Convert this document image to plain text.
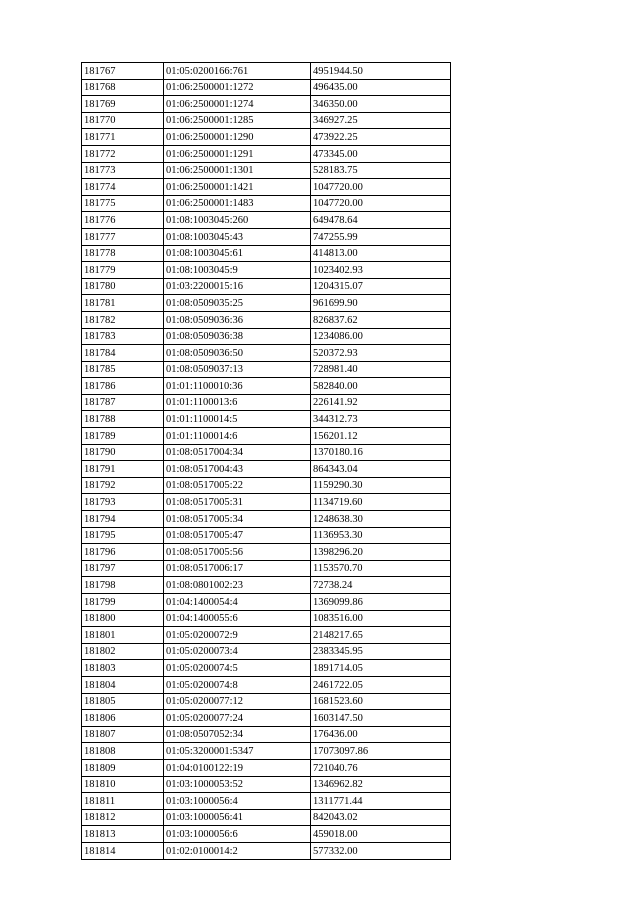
181767	01:05:0200166:761	4951944.50
181768	01:06:2500001:1272	496435.00
181769	01:06:2500001:1274	346350.00
181770	01:06:2500001:1285	346927.25
181771	01:06:2500001:1290	473922.25
181772	01:06:2500001:1291	473345.00
181773	01:06:2500001:1301	528183.75
181774	01:06:2500001:1421	1047720.00
181775	01:06:2500001:1483	1047720.00
181776	01:08:1003045:260	649478.64
181777	01:08:1003045:43	747255.99
181778	01:08:1003045:61	414813.00
181779	01:08:1003045:9	1023402.93
181780	01:03:2200015:16	1204315.07
181781	01:08:0509035:25	961699.90
181782	01:08:0509036:36	826837.62
181783	01:08:0509036:38	1234086.00
181784	01:08:0509036:50	520372.93
181785	01:08:0509037:13	728981.40
181786	01:01:1100010:36	582840.00
181787	01:01:1100013:6	226141.92
181788	01:01:1100014:5	344312.73
181789	01:01:1100014:6	156201.12
181790	01:08:0517004:34	1370180.16
181791	01:08:0517004:43	864343.04
181792	01:08:0517005:22	1159290.30
181793	01:08:0517005:31	1134719.60
181794	01:08:0517005:34	1248638.30
181795	01:08:0517005:47	1136953.30
181796	01:08:0517005:56	1398296.20
181797	01:08:0517006:17	1153570.70
181798	01:08:0801002:23	72738.24
181799	01:04:1400054:4	1369099.86
181800	01:04:1400055:6	1083516.00
181801	01:05:0200072:9	2148217.65
181802	01:05:0200073:4	2383345.95
181803	01:05:0200074:5	1891714.05
181804	01:05:0200074:8	2461722.05
181805	01:05:0200077:12	1681523.60
181806	01:05:0200077:24	1603147.50
181807	01:08:0507052:34	176436.00
181808	01:05:3200001:5347	17073097.86
181809	01:04:0100122:19	721040.76
181810	01:03:1000053:52	1346962.82
181811	01:03:1000056:4	1311771.44
181812	01:03:1000056:41	842043.02
181813	01:03:1000056:6	459018.00
181814	01:02:0100014:2	577332.00
